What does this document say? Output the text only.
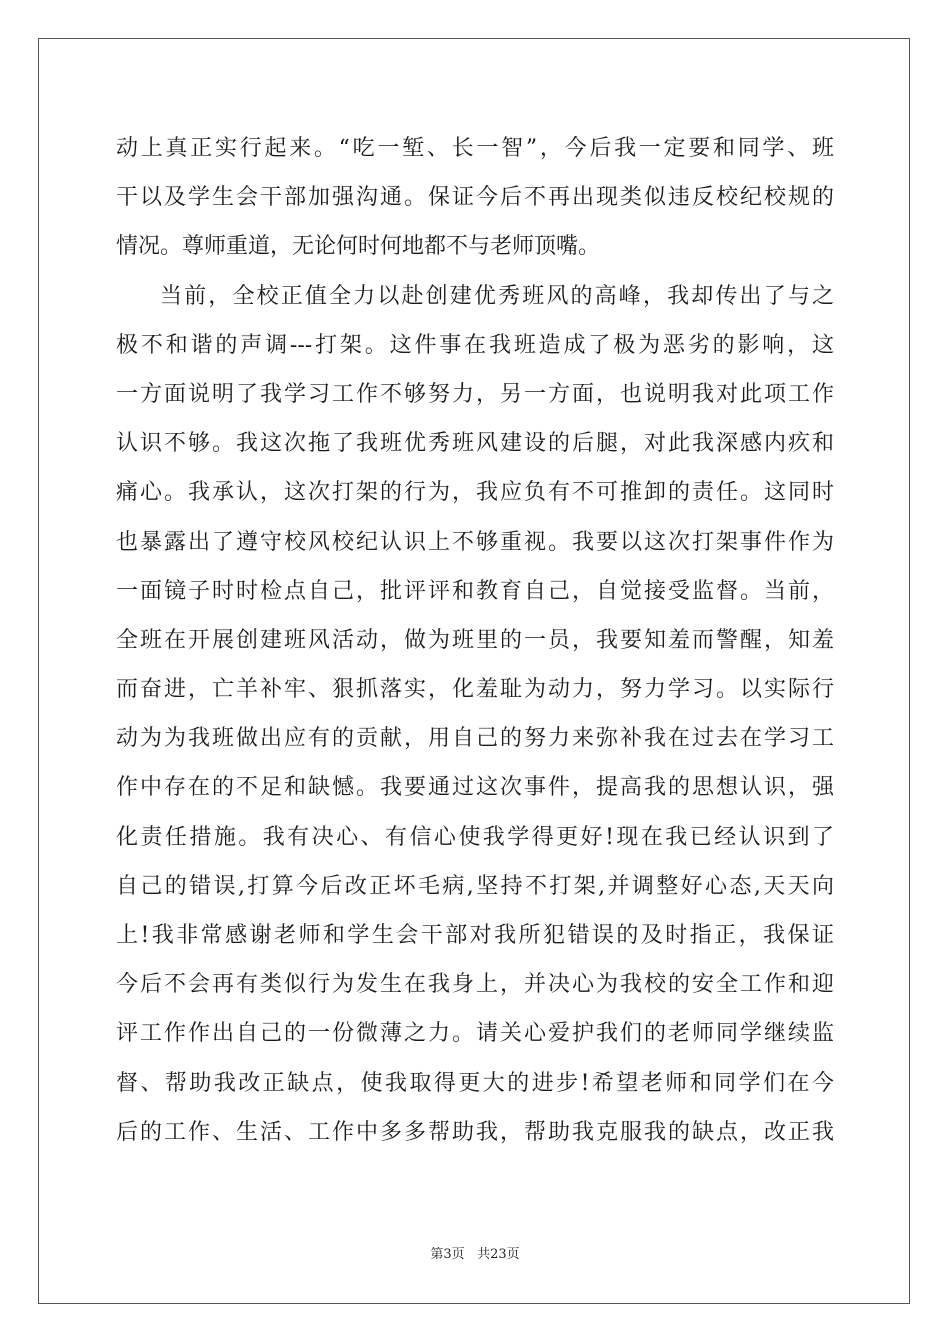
动上真正实行起来。“吃一堑、长一智”，今后我一定要和同学、班
干以及学生会干部加强沟通。保证今后不再出现类似违反校纪校规的
情况。尊师重道，无论何时何地都不与老师顶嘴。
当前，全校正值全力以赴创建优秀班风的高峰，我却传出了与之
极不和谐的声调---打架。这件事在我班造成了极为恶劣的影响，这
一方面说明了我学习工作不够努力，另一方面，也说明我对此项工作
认识不够。我这次拖了我班优秀班风建设的后腿，对此我深感内疚和
痛心。我承认，这次打架的行为，我应负有不可推卸的责任。这同时
也暴露出了遵守校风校纪认识上不够重视。我要以这次打架事件作为
一面镜子时时检点自己，批评评和教育自己，自觉接受监督。当前，
全班在开展创建班风活动，做为班里的一员，我要知羞而警醒，知羞
而奋进，亡羊补牢、狠抓落实，化羞耻为动力，努力学习。以实际行
动为为我班做出应有的贡献，用自己的努力来弥补我在过去在学习工
作中存在的不足和缺憾。我要通过这次事件，提高我的思想认识，强
化责任措施。我有决心、有信心使我学得更好!现在我已经认识到了
自己的错误,打算今后改正坏毛病,坚持不打架,并调整好心态,天天向
上!我非常感谢老师和学生会干部对我所犯错误的及时指正，我保证
今后不会再有类似行为发生在我身上，并决心为我校的安全工作和迎
评工作作出自己的一份微薄之力。请关心爱护我们的老师同学继续监
督、帮助我改正缺点，使我取得更大的进步!希望老师和同学们在今
后的工作、生活、工作中多多帮助我，帮助我克服我的缺点，改正我
第3页 共23页
